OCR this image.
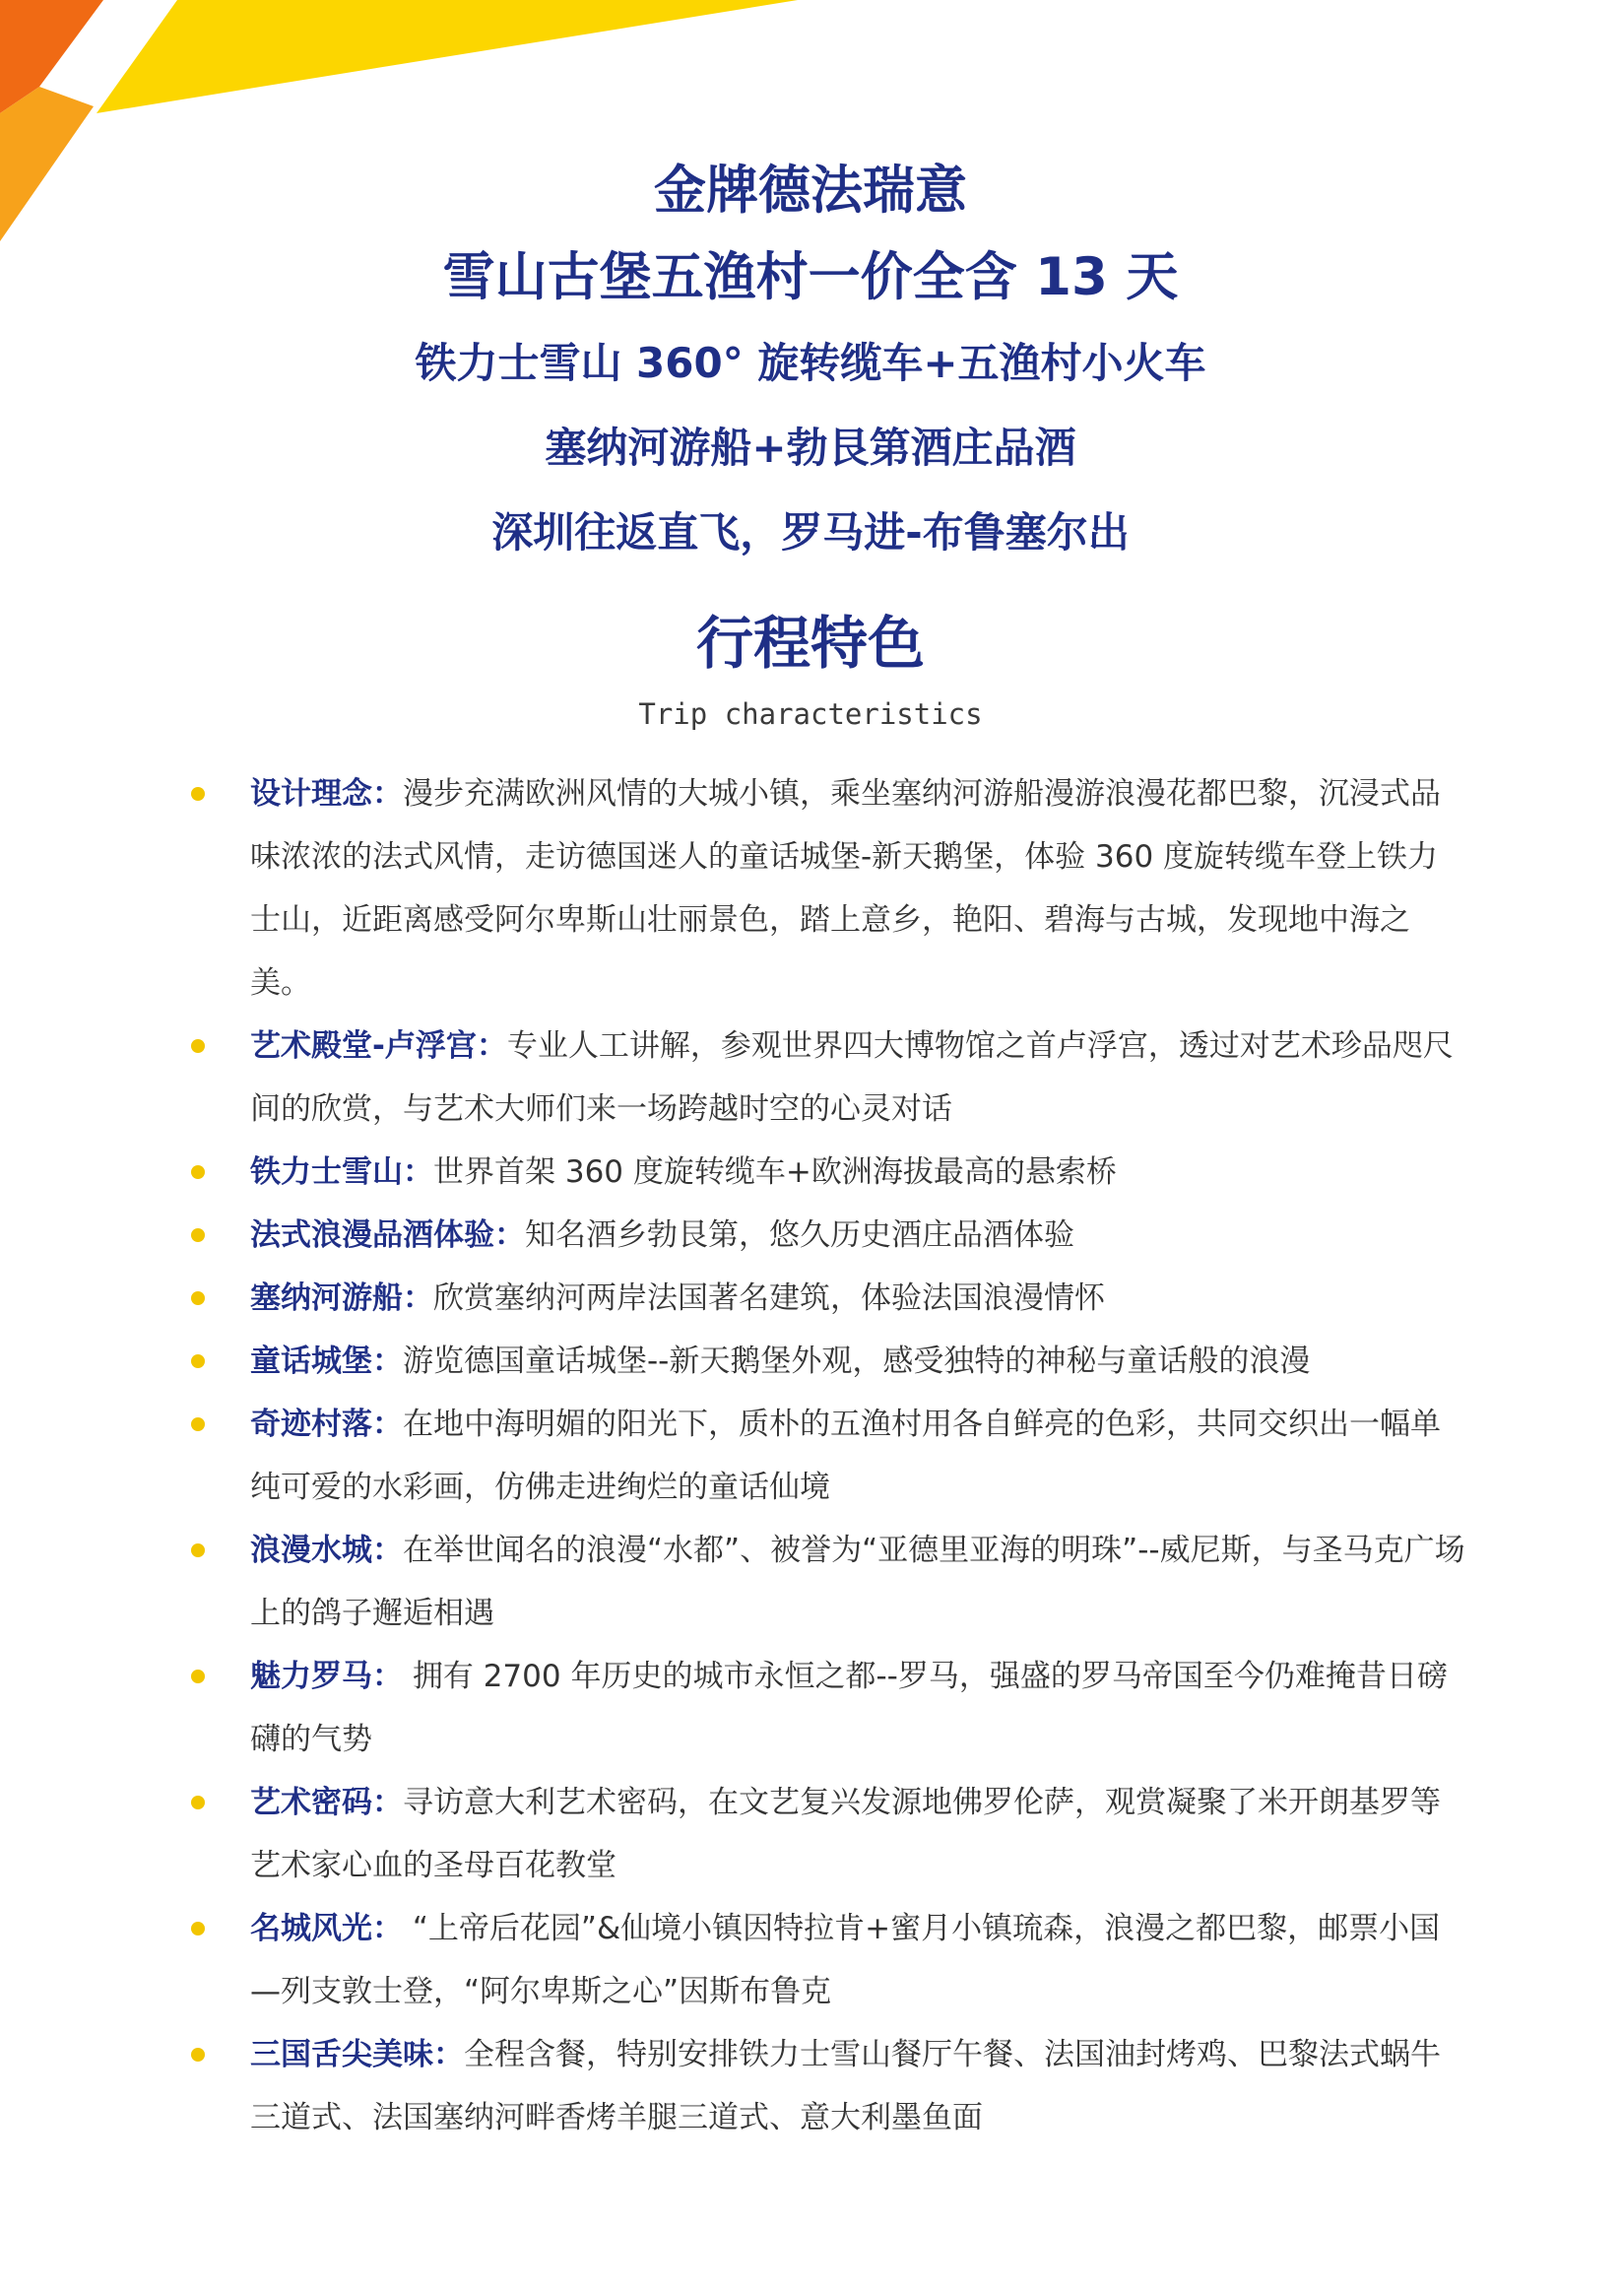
金牌德法瑞意
雪山古堡五渔村一价全含 13 天
铁力士雪山 360° 旋转缆车+五渔村小火车
塞纳河游船+勃艮第酒庄品酒
深圳往返直飞，罗马进-布鲁塞尔出
行程特色
Trip characteristics
设计理念：漫步充满欧洲风情的大城小镇，乘坐塞纳河游船漫游浪漫花都巴黎，沉浸式品味浓浓的法式风情，走访德国迷人的童话城堡-新天鹅堡，体验 360 度旋转缆车登上铁力士山，近距离感受阿尔卑斯山壮丽景色，踏上意乡，艳阳、碧海与古城，发现地中海之美。
艺术殿堂-卢浮宫：专业人工讲解，参观世界四大博物馆之首卢浮宫，透过对艺术珍品咫尺间的欣赏，与艺术大师们来一场跨越时空的心灵对话
铁力士雪山：世界首架 360 度旋转缆车+欧洲海拔最高的悬索桥
法式浪漫品酒体验：知名酒乡勃艮第，悠久历史酒庄品酒体验
塞纳河游船：欣赏塞纳河两岸法国著名建筑，体验法国浪漫情怀
童话城堡：游览德国童话城堡--新天鹅堡外观，感受独特的神秘与童话般的浪漫
奇迹村落：在地中海明媚的阳光下，质朴的五渔村用各自鲜亮的色彩，共同交织出一幅单纯可爱的水彩画，仿佛走进绚烂的童话仙境
浪漫水城：在举世闻名的浪漫“水都”、被誉为“亚德里亚海的明珠”--威尼斯，与圣马克广场上的鸽子邂逅相遇
魅力罗马： 拥有 2700 年历史的城市永恒之都--罗马，强盛的罗马帝国至今仍难掩昔日磅礴的气势
艺术密码：寻访意大利艺术密码，在文艺复兴发源地佛罗伦萨，观赏凝聚了米开朗基罗等艺术家心血的圣母百花教堂
名城风光： “上帝后花园”&仙境小镇因特拉肯+蜜月小镇琉森，浪漫之都巴黎，邮票小国—列支敦士登，“阿尔卑斯之心”因斯布鲁克
三国舌尖美味：全程含餐，特别安排铁力士雪山餐厅午餐、法国油封烤鸡、巴黎法式蜗牛三道式、法国塞纳河畔香烤羊腿三道式、意大利墨鱼面
